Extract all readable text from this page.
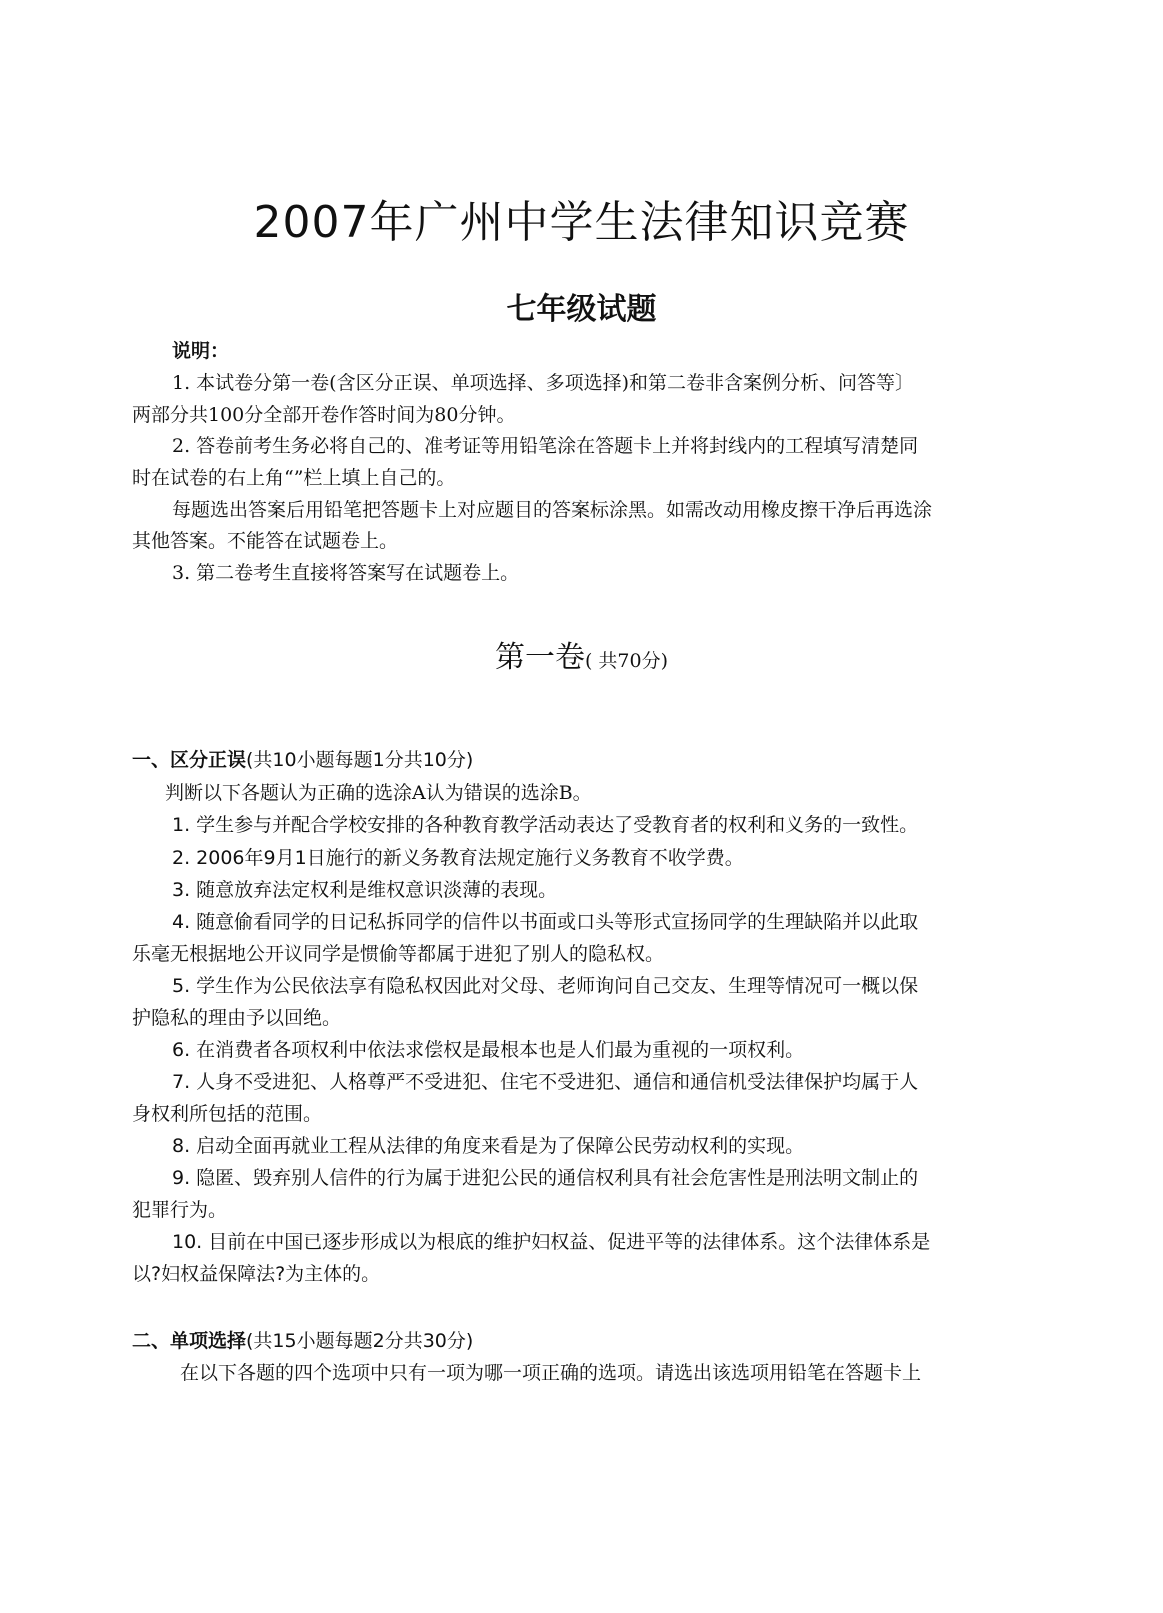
2007年广州中学生法律知识竞赛
七年级试题
说明：
1. 本试卷分第一卷(含区分正误、单项选择、多项选择)和第二卷非含案例分析、问答等〕
两部分共100分全部开卷作答时间为80分钟。
2. 答卷前考生务必将自己的、准考证等用铅笔涂在答题卡上并将封线内的工程填写清楚同
时在试卷的右上角“”栏上填上自己的。
每题选出答案后用铅笔把答题卡上对应题目的答案标涂黑。如需改动用橡皮擦干净后再选涂
其他答案。不能答在试题卷上。
3. 第二卷考生直接将答案写在试题卷上。
第一卷( 共70分)
一、区分正误(共10小题每题1分共10分)
判断以下各题认为正确的选涂A认为错误的选涂B。
1. 学生参与并配合学校安排的各种教育教学活动表达了受教育者的权利和义务的一致性。
2. 2006年9月1日施行的新义务教育法规定施行义务教育不收学费。
3. 随意放弃法定权利是维权意识淡薄的表现。
4. 随意偷看同学的日记私拆同学的信件以书面或口头等形式宣扬同学的生理缺陷并以此取
乐毫无根据地公开议同学是惯偷等都属于进犯了别人的隐私权。
5. 学生作为公民依法享有隐私权因此对父母、老师询问自己交友、生理等情况可一概以保
护隐私的理由予以回绝。
6. 在消费者各项权利中依法求偿权是最根本也是人们最为重视的一项权利。
7. 人身不受进犯、人格尊严不受进犯、住宅不受进犯、通信和通信机受法律保护均属于人
身权利所包括的范围。
8. 启动全面再就业工程从法律的角度来看是为了保障公民劳动权利的实现。
9. 隐匿、毁弃别人信件的行为属于进犯公民的通信权利具有社会危害性是刑法明文制止的
犯罪行为。
10. 目前在中国已逐步形成以为根底的维护妇权益、促进平等的法律体系。这个法律体系是
以?妇权益保障法?为主体的。
二、单项选择(共15小题每题2分共30分)
在以下各题的四个选项中只有一项为哪一项正确的选项。请选出该选项用铅笔在答题卡上
